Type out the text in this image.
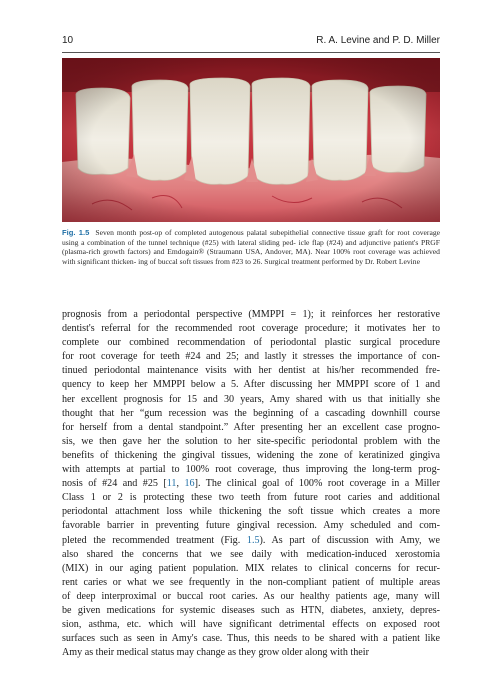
10	R. A. Levine and P. D. Miller
Fig. 1.5 Seven month post-op of completed autogenous palatal subepithelial connective tissue graft for root coverage using a combination of the tunnel technique (#25) with lateral sliding ped- icle flap (#24) and adjunctive patient's PRGF (plasma-rich growth factors) and Emdogain® (Straumann USA, Andover, MA). Near 100% root coverage was achieved with significant thicken- ing of buccal soft tissues from #23 to 26. Surgical treatment performed by Dr. Robert Levine
prognosis from a periodontal perspective (MMPPI = 1); it reinforces her restorative
dentist's referral for the recommended root coverage procedure; it motivates her to
complete our combined recommendation of periodontal plastic surgical procedure
for root coverage for teeth #24 and 25; and lastly it stresses the importance of con-
tinued periodontal maintenance visits with her dentist at his/her recommended fre-
quency to keep her MMPPI below a 5. After discussing her MMPPI score of 1 and
her excellent prognosis for 15 and 30 years, Amy shared with us that initially she
thought that her “gum recession was the beginning of a cascading downhill course
for herself from a dental standpoint.” After presenting her an excellent case progno-
sis, we then gave her the solution to her site-specific periodontal problem with the
benefits of thickening the gingival tissues, widening the zone of keratinized gingiva
with attempts at partial to 100% root coverage, thus improving the long-term prog-
nosis of #24 and #25 [11, 16]. The clinical goal of 100% root coverage in a Miller
Class 1 or 2 is protecting these two teeth from future root caries and additional
periodontal attachment loss while thickening the soft tissue which creates a more
favorable barrier in preventing future gingival recession. Amy scheduled and com-
pleted the recommended treatment (Fig. 1.5). As part of discussion with Amy, we
also shared the concerns that we see daily with medication-induced xerostomia
(MIX) in our aging patient population. MIX relates to clinical concerns for recur-
rent caries or what we see frequently in the non-compliant patient of multiple areas
of deep interproximal or buccal root caries. As our healthy patients age, many will
be given medications for systemic diseases such as HTN, diabetes, anxiety, depres-
sion, asthma, etc. which will have significant detrimental effects on exposed root
surfaces such as seen in Amy's case. Thus, this needs to be shared with a patient like
Amy as their medical status may change as they grow older along with their
